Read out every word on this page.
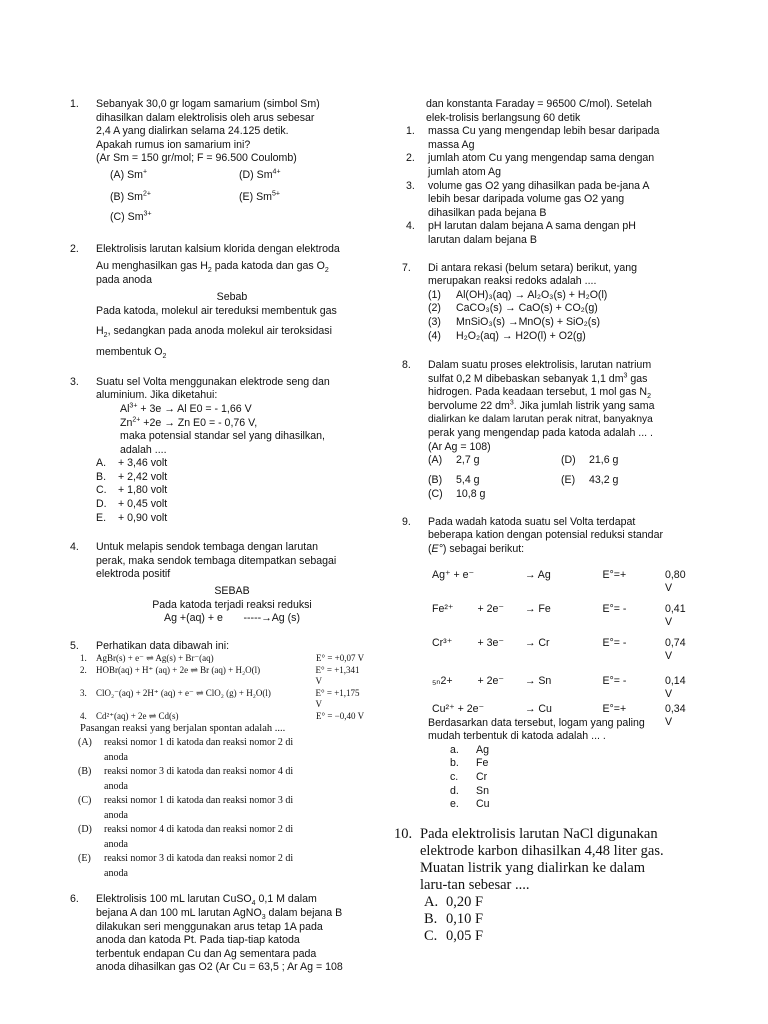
1. Sebanyak 30,0 gr logam samarium (simbol Sm)
dihasilkan dalam elektrolisis oleh arus sebesar
2,4 A yang dialirkan selama 24.125 detik.
Apakah rumus ion samarium ini?
(Ar Sm = 150 gr/mol; F = 96.500 Coulomb)
(A) Sm+	(D) $Sm^{4+}$
(B) $Sm^{2+}$	(E) $Sm^{5+}$
(C) $Sm^{3+}$
2. Elektrolisis larutan kalsium klorida dengan elektroda
Au menghasilkan gas $H_2$ pada katoda dan gas $O_2$
pada anoda
Sebab
Pada katoda, molekul air tereduksi membentuk gas
$H_2$, sedangkan pada anoda molekul air teroksidasi
membentuk $O_2$
3. Suatu sel Volta menggunakan elektrode seng dan
aluminium. Jika diketahui:
$Al^{3+} + 3e \to Al$ E0 = - 1,66 V
$Zn^{2+} +2e \to Zn$ E0 = - 0,76 V,
maka potensial standar sel yang dihasilkan,
adalah ....
A.	+ 3,46 volt
B.	+ 2,42 volt
C.	+ 1,80 volt
D.	+ 0,45 volt
E.	+ 0,90 volt
4. Untuk melapis sendok tembaga dengan larutan
perak, maka sendok tembaga ditempatkan sebagai
elektroda positif
SEBAB
Pada katoda terjadi reaksi reduksi
Ag +(aq) + e       -----→Ag (s)
5. Perhatikan data dibawah ini:
1.	AgBr(s) + e⁻ ⇌ Ag(s) + Br⁻(aq)	E° = +0,07 V
2.	HOBr(aq) + H⁺ (aq) + 2e ⇌ Br (aq) + H₂O(l)	E° = +1,341 V
3.	ClO₂⁻(aq) + 2H⁺ (aq) + e⁻ ⇌ ClO₂ (g) + H₂O(l)	E° = +1,175 V
4.	Cd²⁺(aq) + 2e ⇌ Cd(s)	E° = −0,40 V
Pasangan reaksi yang berjalan spontan adalah ....
(A)	reaksi nomor 1 di katoda dan reaksi nomor 2 di
anoda
(B)	reaksi nomor 3 di katoda dan reaksi nomor 4 di
anoda
(C)	reaksi nomor 1 di katoda dan reaksi nomor 3 di
anoda
(D)	reaksi nomor 4 di katoda dan reaksi nomor 2 di
anoda
(E)	reaksi nomor 3 di katoda dan reaksi nomor 2 di
anoda
6. Elektrolisis 100 mL larutan CuSO$_4$ 0,1 M dalam
bejana A dan 100 mL larutan AgNO$_3$ dalam bejana B
dilakukan seri menggunakan arus tetap 1A pada
anoda dan katoda Pt. Pada tiap-tiap katoda
terbentuk endapan Cu dan Ag sementara pada
anoda dihasilkan gas O2 (Ar Cu = 63,5 ; Ar Ag = 108
dan konstanta Faraday = 96500 C/mol). Setelah
elek-trolisis berlangsung 60 detik
1.	massa Cu yang mengendap lebih besar daripada
massa Ag
2.	jumlah atom Cu yang mengendap sama dengan
jumlah atom Ag
3.	volume gas O2 yang dihasilkan pada be-jana A
lebih besar daripada volume gas O2 yang
dihasilkan pada bejana B
4.	pH larutan dalam bejana A sama dengan pH
larutan dalam bejana B
7. Di antara rekasi (belum setara) berikut, yang
merupakan reaksi redoks adalah ....
(1)	Al(OH)₃(aq) → Al₂O₃(s) + H₂O(l)
(2)	CaCO₃(s) → CaO(s) + CO₂(g)
(3)	MnSiO₃(s) →MnO(s) + SiO₂(s)
(4)	H₂O₂(aq) → H2O(l) + O2(g)
8. Dalam suatu proses elektrolisis, larutan natrium
sulfat 0,2 M dibebaskan sebanyak 1,1 $dm^3$ gas
hidrogen. Pada keadaan tersebut, 1 mol gas $N_2$
bervolume 22 $dm^3$. Jika jumlah listrik yang sama
dialirkan ke dalam larutan perak nitrat, banyaknya
perak yang mengendap pada katoda adalah ... .
(Ar Ag = 108)
(A) 2,7 g	(D) 21,6 g
(B) 5,4 g	(E) 43,2 g
(C) 10,8 g
9. Pada wadah katoda suatu sel Volta terdapat
beberapa kation dengan potensial reduksi standar
(E°) sebagai berikut:
Ag⁺ + e⁻	→ Ag	E°=+	0,80 V
Fe²⁺	+ 2e⁻	→ Fe	E°= -	0,41 V
Cr³⁺	+ 3e⁻	→ Cr	E°= -	0,74 V
₅ₙ2+	+ 2e⁻	→ Sn	E°= -	0,14 V
Cu²⁺ + 2e⁻	→ Cu	E°=+	0,34 V
Berdasarkan data tersebut, logam yang paling
mudah terbentuk di katoda adalah ... .
a.	Ag
b.	Fe
c.	Cr
d.	Sn
e.	Cu
10. Pada elektrolisis larutan NaCl digunakan
elektrode karbon dihasilkan 4,48 liter gas.
Muatan listrik yang dialirkan ke dalam
laru-tan sebesar ....
A. 0,20 F
B. 0,10 F
C. 0,05 F
